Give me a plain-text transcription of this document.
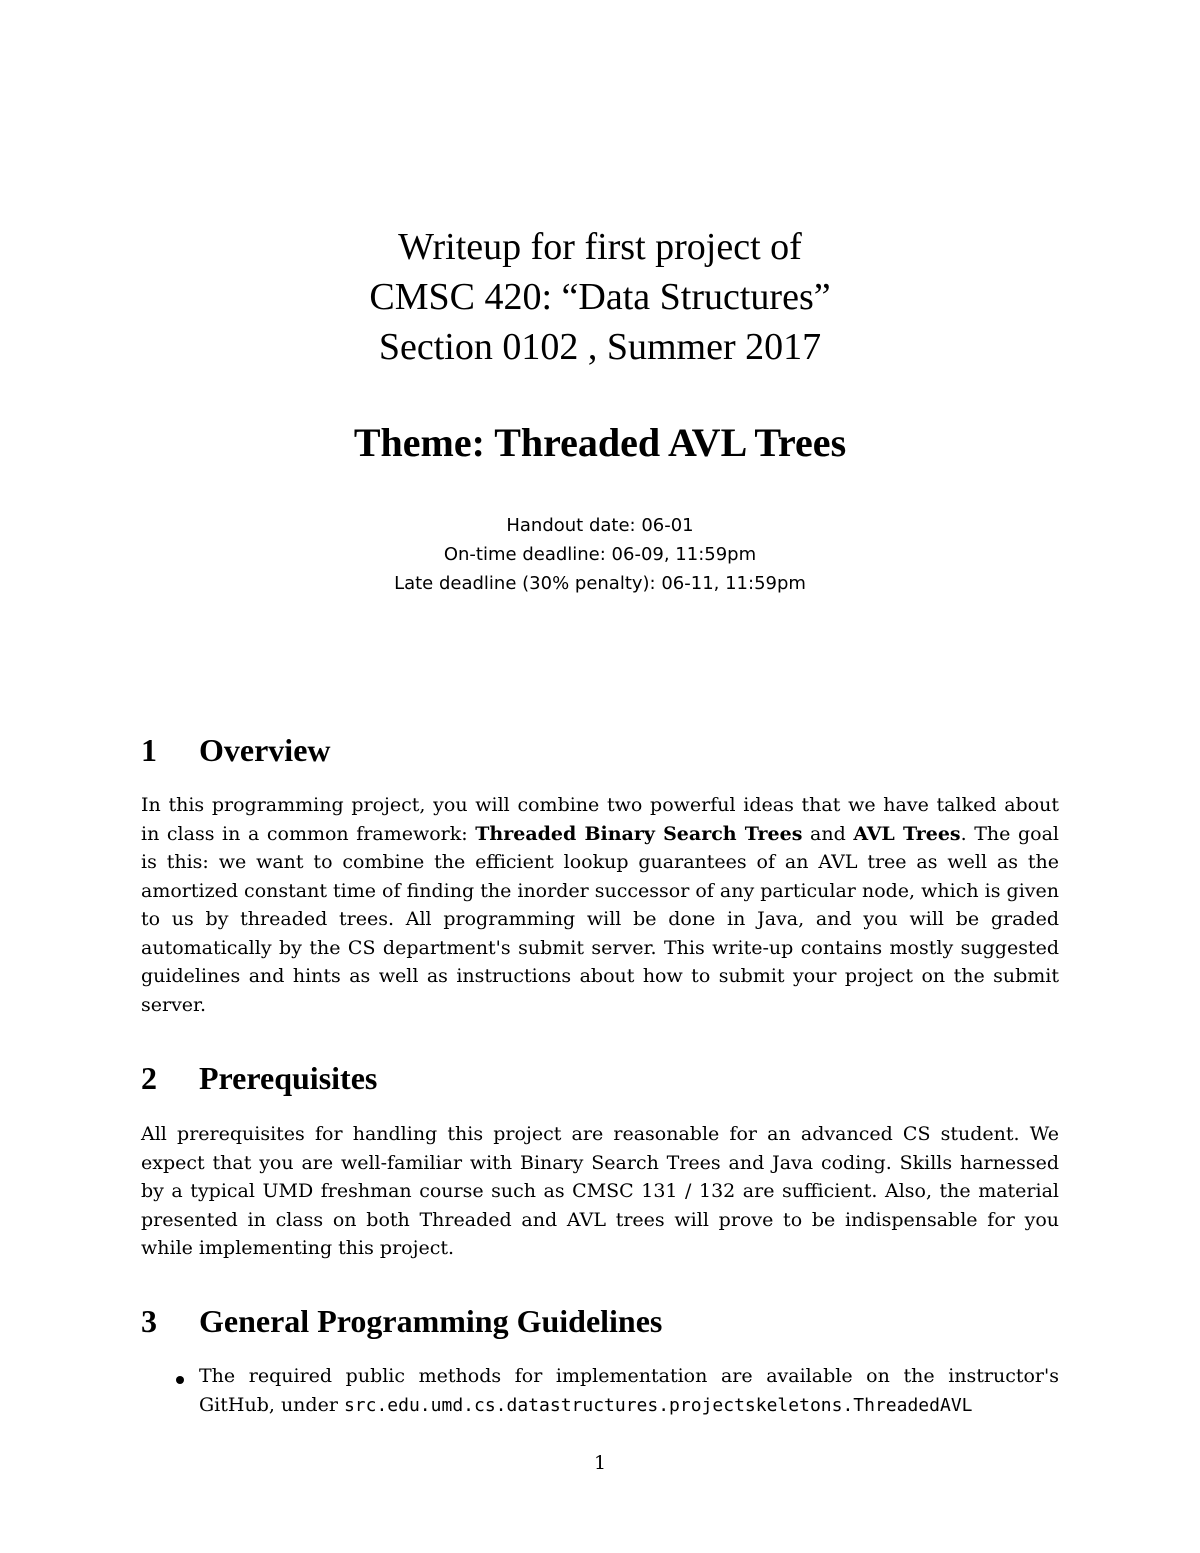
Writeup for first project of
CMSC 420: “Data Structures”
Section 0102 , Summer 2017
Theme: Threaded AVL Trees
Handout date: 06-01
On-time deadline: 06-09, 11:59pm
Late deadline (30% penalty): 06-11, 11:59pm
1 Overview
In this programming project, you will combine two powerful ideas that we have talked about in class in a common framework: Threaded Binary Search Trees and AVL Trees. The goal is this: we want to combine the efficient lookup guarantees of an AVL tree as well as the amortized constant time of finding the inorder successor of any particular node, which is given to us by threaded trees. All programming will be done in Java, and you will be graded automatically by the CS department's submit server. This write-up contains mostly suggested guidelines and hints as well as instructions about how to submit your project on the submit server.
2 Prerequisites
All prerequisites for handling this project are reasonable for an advanced CS student. We expect that you are well-familiar with Binary Search Trees and Java coding. Skills harnessed by a typical UMD freshman course such as CMSC 131 / 132 are sufficient. Also, the material presented in class on both Threaded and AVL trees will prove to be indispensable for you while implementing this project.
3 General Programming Guidelines
The required public methods for implementation are available on the instructor's GitHub, under src.edu.umd.cs.datastructures.projectskeletons.ThreadedAVL
1
